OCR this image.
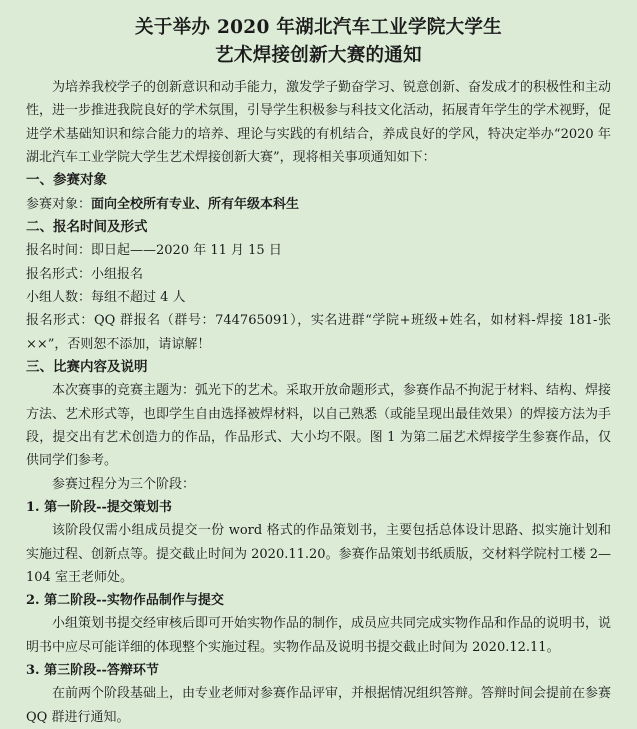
关于举办 2020 年湖北汽车工业学院大学生
艺术焊接创新大赛的通知
为培养我校学子的创新意识和动手能力，激发学子勤奋学习、锐意创新、奋发成才的积极性和主动性，进一步推进我院良好的学术氛围，引导学生积极参与科技文化活动，拓展青年学生的学术视野，促进学术基础知识和综合能力的培养、理论与实践的有机结合，养成良好的学风，特决定举办“2020 年湖北汽车工业学院大学生艺术焊接创新大赛”，现将相关事项通知如下：
一、参赛对象
参赛对象：面向全校所有专业、所有年级本科生
二、报名时间及形式
报名时间：即日起——2020 年 11 月 15 日
报名形式：小组报名
小组人数：每组不超过 4 人
报名形式：QQ 群报名（群号：744765091），实名进群“学院+班级+姓名，如材料-焊接 181-张××”，否则恕不添加，请谅解！
三、比赛内容及说明
本次赛事的竞赛主题为：弧光下的艺术。采取开放命题形式，参赛作品不拘泥于材料、结构、焊接方法、艺术形式等，也即学生自由选择被焊材料，以自己熟悉（或能呈现出最佳效果）的焊接方法为手段，提交出有艺术创造力的作品，作品形式、大小均不限。图 1 为第二届艺术焊接学生参赛作品，仅供同学们参考。
参赛过程分为三个阶段：
1. 第一阶段--提交策划书
该阶段仅需小组成员提交一份 word 格式的作品策划书，主要包括总体设计思路、拟实施计划和实施过程、创新点等。提交截止时间为 2020.11.20。参赛作品策划书纸质版，交材料学院村工楼 2—104 室王老师处。
2. 第二阶段--实物作品制作与提交
小组策划书提交经审核后即可开始实物作品的制作，成员应共同完成实物作品和作品的说明书，说明书中应尽可能详细的体现整个实施过程。实物作品及说明书提交截止时间为 2020.12.11。
3. 第三阶段--答辩环节
在前两个阶段基础上，由专业老师对参赛作品评审，并根据情况组织答辩。答辩时间会提前在参赛 QQ 群进行通知。
